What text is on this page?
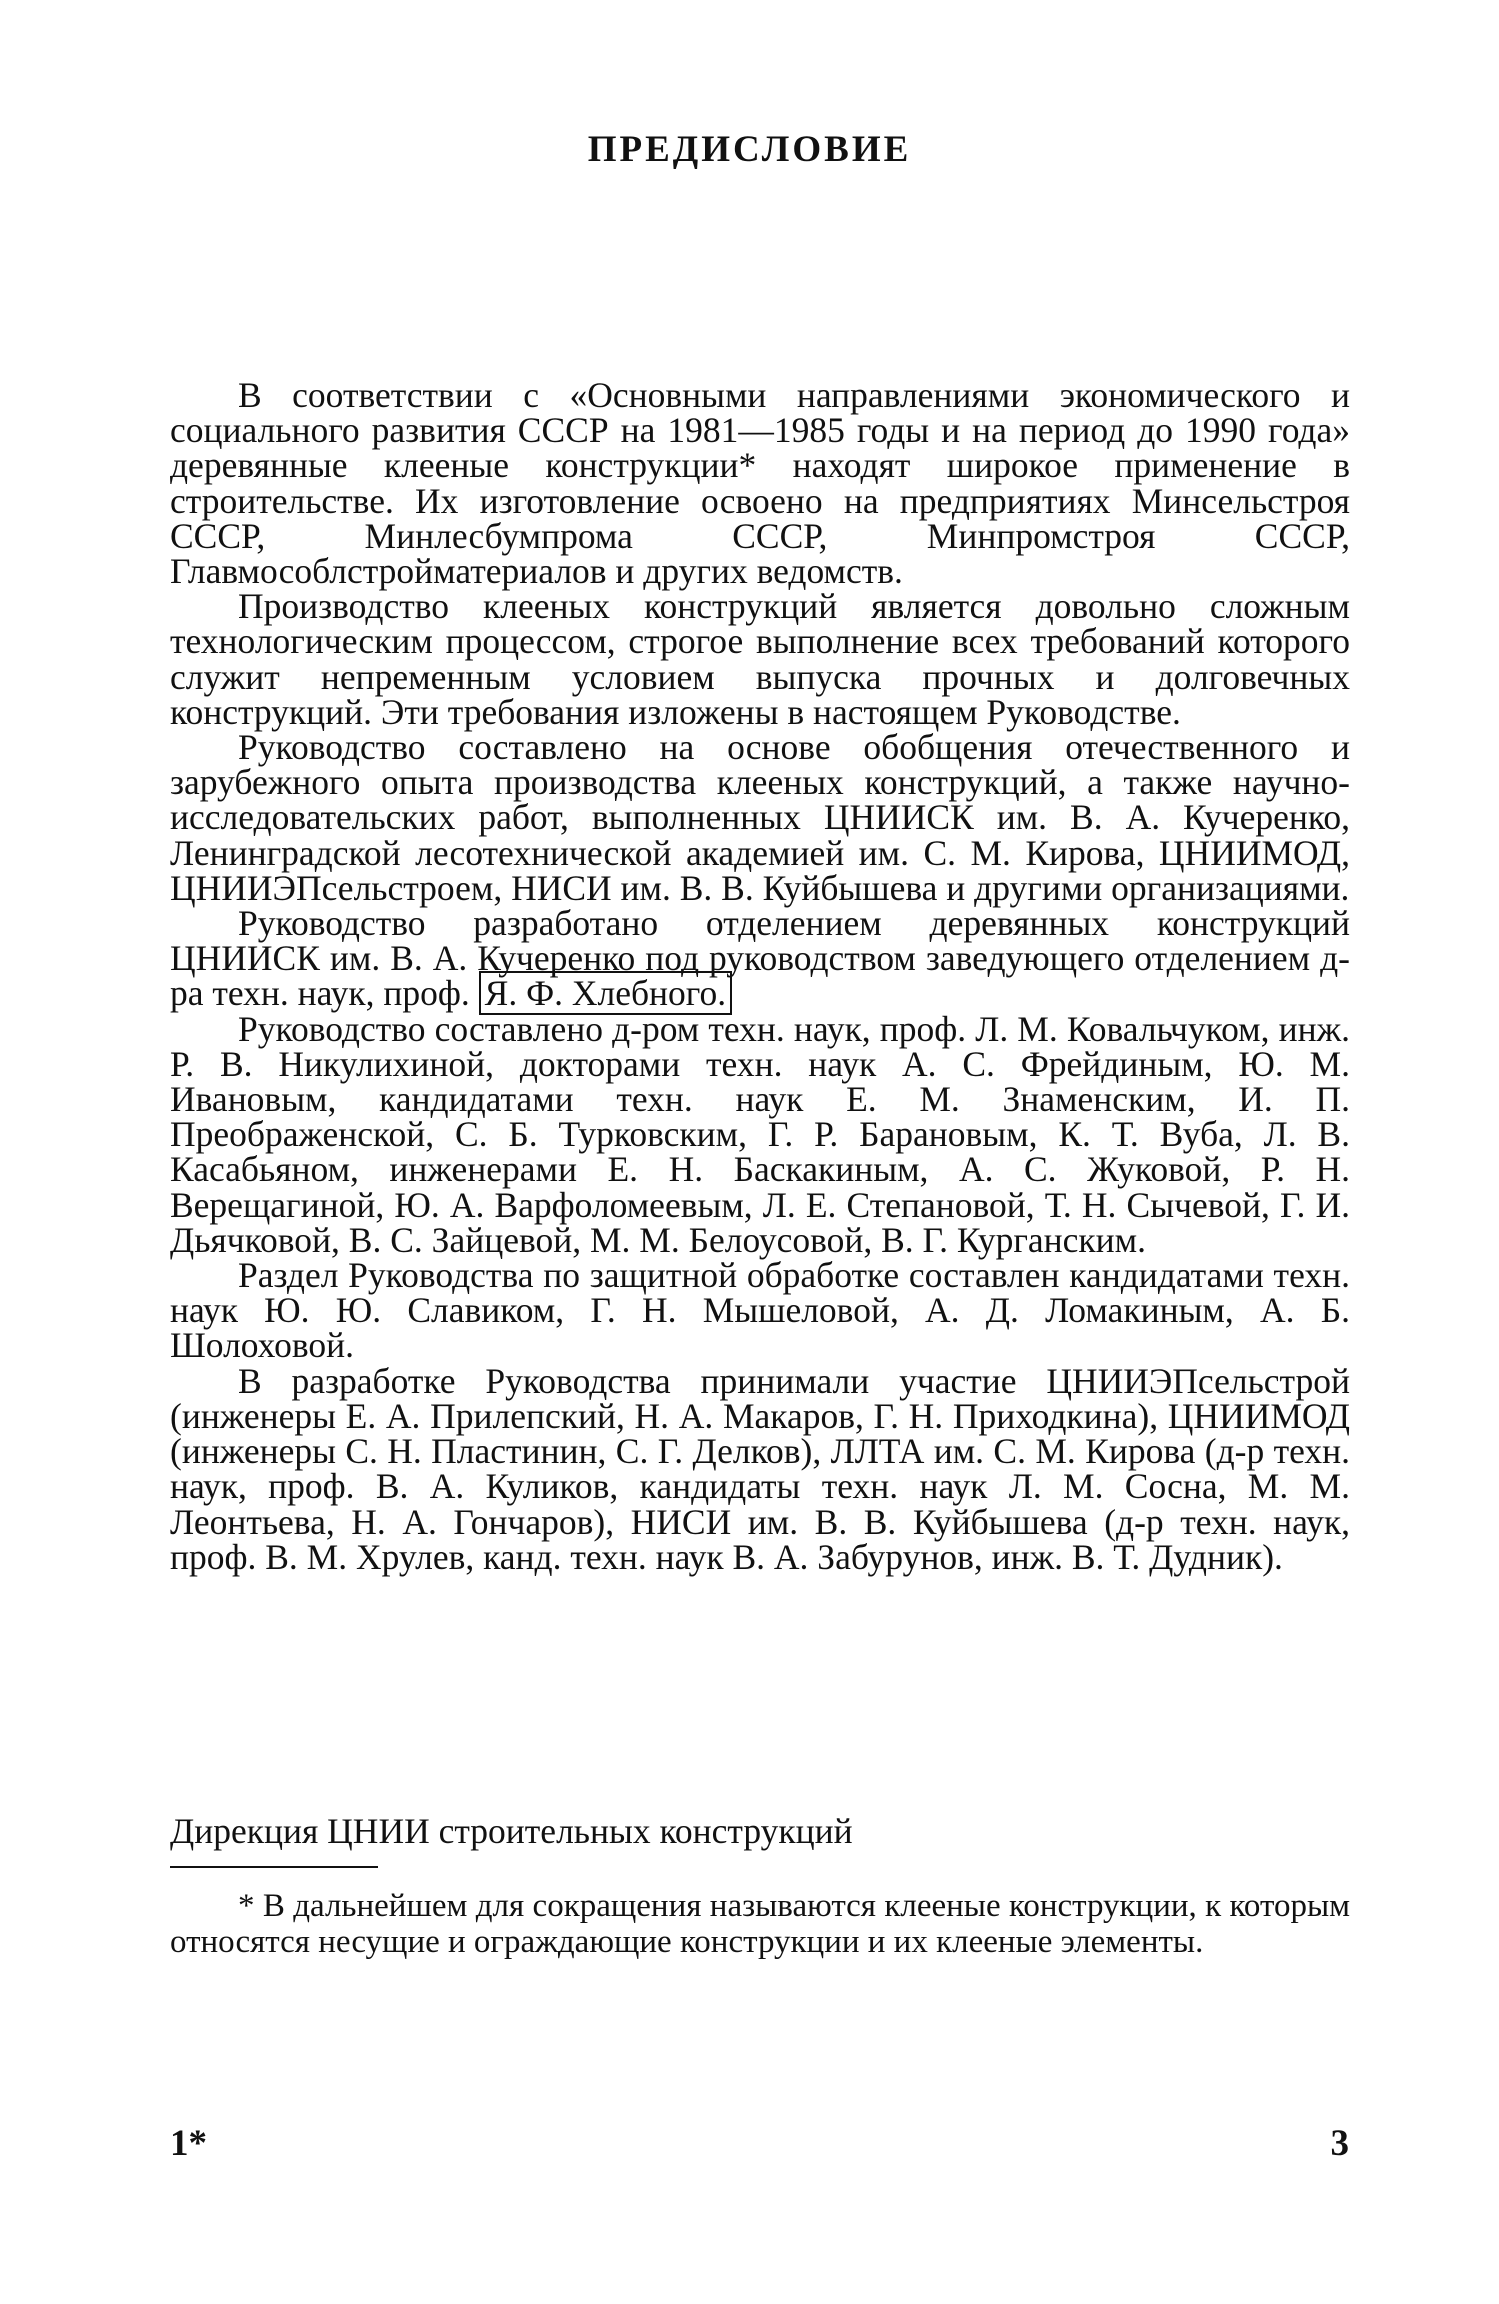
ПРЕДИСЛОВИЕ

В соответствии с «Основными направлениями экономического и социального развития СССР на 1981—1985 годы и на период до 1990 года» деревянные клееные конструкции* находят широкое применение в строительстве. Их изготовление освоено на предприятиях Минсельстроя СССР, Минлесбумпрома СССР, Минпромстроя СССР, Главмособлстройматериалов и других ведомств.

Производство клееных конструкций является довольно сложным технологическим процессом, строгое выполнение всех требований которого служит непременным условием выпуска прочных и долговечных конструкций. Эти требования изложены в настоящем Руководстве.

Руководство составлено на основе обобщения отечественного и зарубежного опыта производства клееных конструкций, а также научно-исследовательских работ, выполненных ЦНИИСК им. В. А. Кучеренко, Ленинградской лесотехнической академией им. С. М. Кирова, ЦНИИМОД, ЦНИИЭПсельстроем, НИСИ им. В. В. Куйбышева и другими организациями.

Руководство разработано отделением деревянных конструкций ЦНИИСК им. В. А. Кучеренко под руководством заведующего отделением д-ра техн. наук, проф. Я. Ф. Хлебного.

Руководство составлено д-ром техн. наук, проф. Л. М. Ковальчуком, инж. Р. В. Никулихиной, докторами техн. наук А. С. Фрейдиным, Ю. М. Ивановым, кандидатами техн. наук Е. М. Знаменским, И. П. Преображенской, С. Б. Турковским, Г. Р. Барановым, К. Т. Вуба, Л. В. Касабьяном, инженерами Е. Н. Баскакиным, А. С. Жуковой, Р. Н. Верещагиной, Ю. А. Варфоломеевым, Л. Е. Степановой, Т. Н. Сычевой, Г. И. Дьячковой, В. С. Зайцевой, М. М. Белоусовой, В. Г. Курганским.

Раздел Руководства по защитной обработке составлен кандидатами техн. наук Ю. Ю. Славиком, Г. Н. Мышеловой, А. Д. Ломакиным, А. Б. Шолоховой.

В разработке Руководства принимали участие ЦНИИЭПсельстрой (инженеры Е. А. Прилепский, Н. А. Макаров, Г. Н. Приходкина), ЦНИИМОД (инженеры С. Н. Пластинин, С. Г. Делков), ЛЛТА им. С. М. Кирова (д-р техн. наук, проф. В. А. Куликов, кандидаты техн. наук Л. М. Сосна, М. М. Леонтьева, Н. А. Гончаров), НИСИ им. В. В. Куйбышева (д-р техн. наук, проф. В. М. Хрулев, канд. техн. наук В. А. Забурунов, инж. В. Т. Дудник).

Дирекция ЦНИИ строительных конструкций

* В дальнейшем для сокращения называются клееные конструкции, к которым относятся несущие и ограждающие конструкции и их клееные элементы.

1*	3
